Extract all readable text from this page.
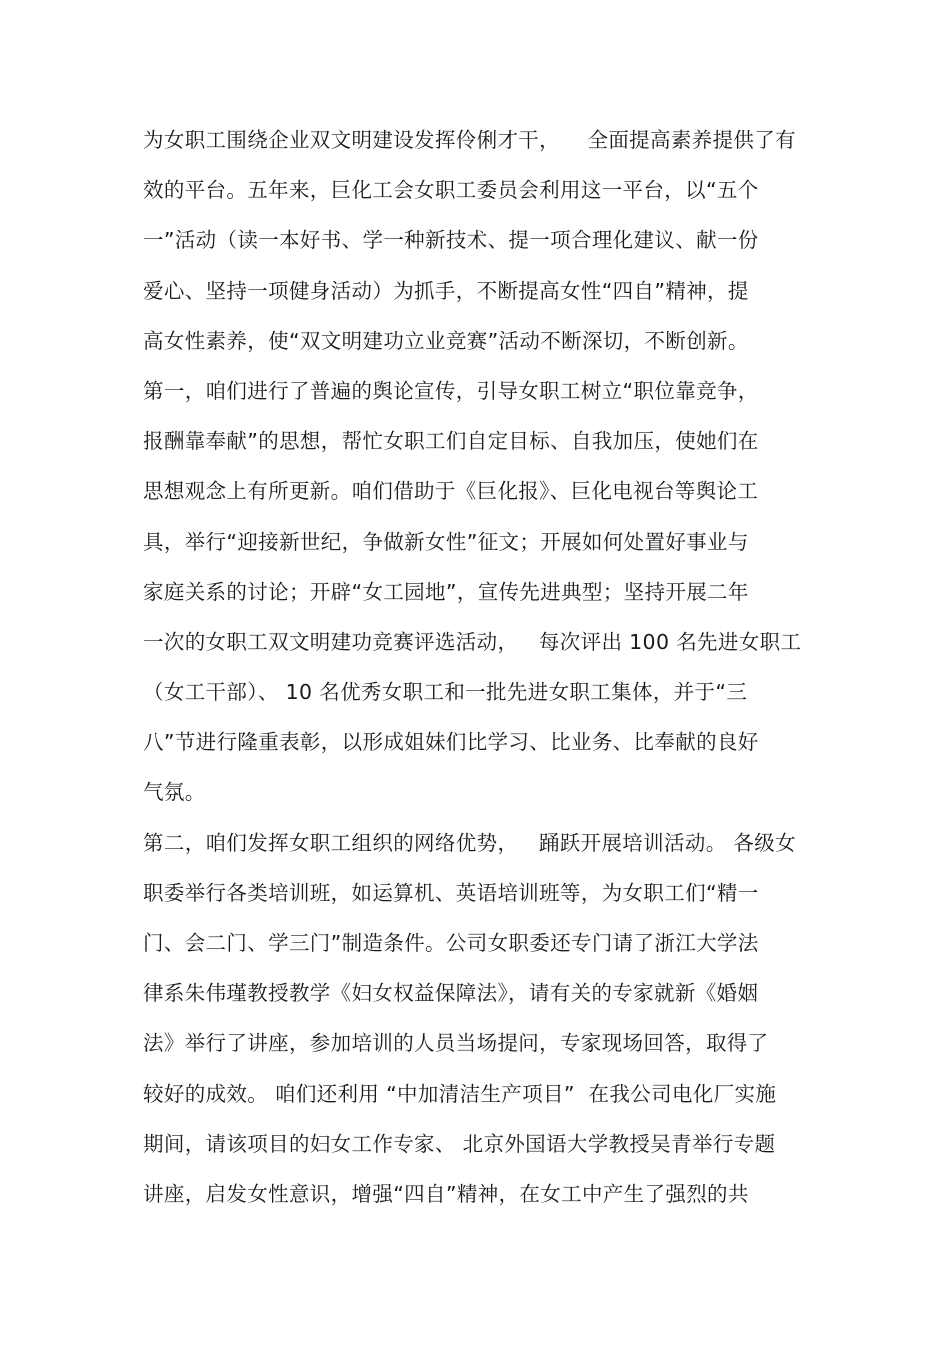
为女职工围绕企业双文明建设发挥伶俐才干，    全面提高素养提供了有
效的平台。五年来，巨化工会女职工委员会利用这一平台，以“五个
一”活动（读一本好书、学一种新技术、提一项合理化建议、献一份
爱心、坚持一项健身活动）为抓手，不断提高女性“四自”精神，提
高女性素养，使“双文明建功立业竞赛”活动不断深切，不断创新。
第一，咱们进行了普遍的舆论宣传，引导女职工树立“职位靠竞争，
报酬靠奉献”的思想，帮忙女职工们自定目标、自我加压，使她们在
思想观念上有所更新。咱们借助于《巨化报》、巨化电视台等舆论工
具，举行“迎接新世纪，争做新女性”征文；开展如何处置好事业与
家庭关系的讨论；开辟“女工园地”，宣传先进典型；坚持开展二年
一次的女职工双文明建功竞赛评选活动，   每次评出 100 名先进女职工
（女工干部）、 10 名优秀女职工和一批先进女职工集体，并于“三
八”节进行隆重表彰，以形成姐妹们比学习、比业务、比奉献的良好
气氛。
第二，咱们发挥女职工组织的网络优势，   踊跃开展培训活动。 各级女
职委举行各类培训班，如运算机、英语培训班等，为女职工们“精一
门、会二门、学三门”制造条件。公司女职委还专门请了浙江大学法
律系朱伟瑾教授教学《妇女权益保障法》，请有关的专家就新《婚姻
法》举行了讲座，参加培训的人员当场提问，专家现场回答，取得了
较好的成效。 咱们还利用 “中加清洁生产项目”  在我公司电化厂实施
期间，请该项目的妇女工作专家、 北京外国语大学教授吴青举行专题
讲座，启发女性意识，增强“四自”精神，在女工中产生了强烈的共
